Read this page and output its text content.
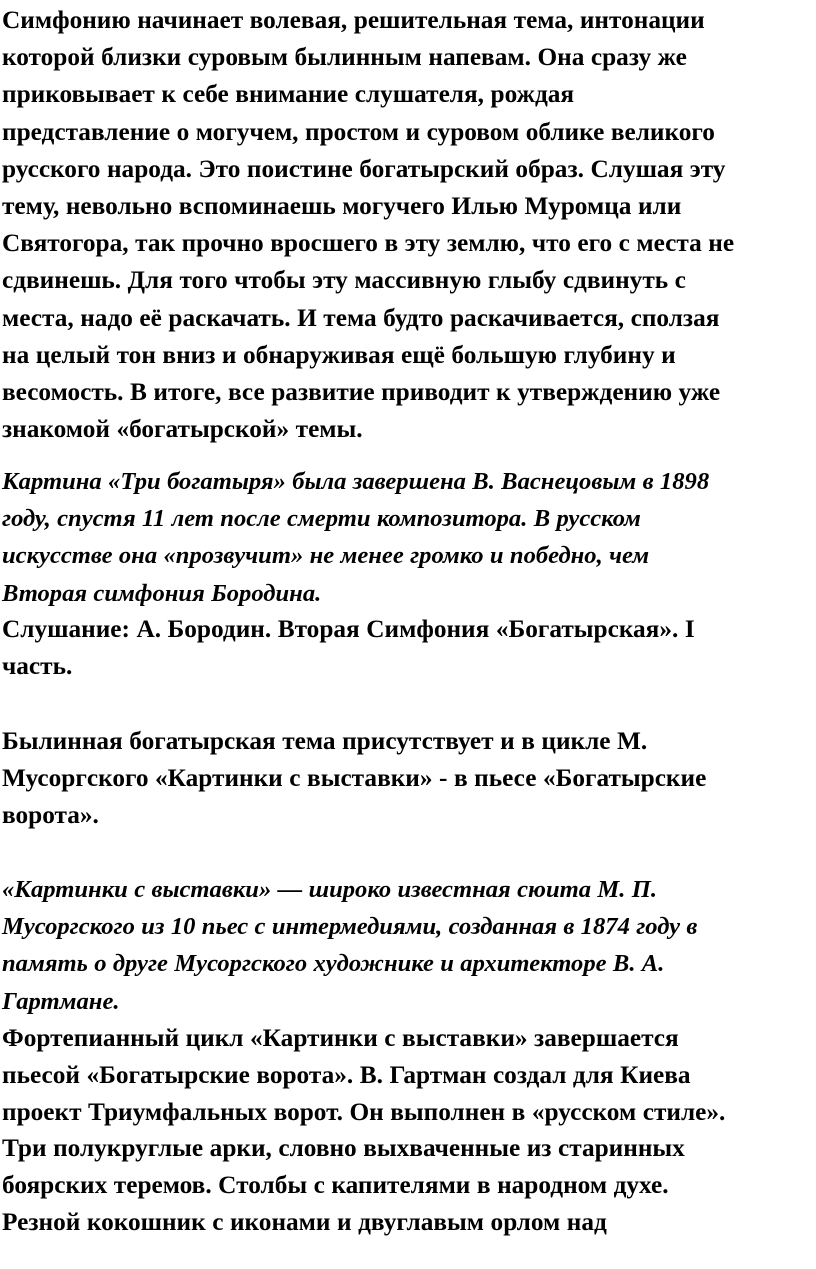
Симфонию начинает волевая, решительная тема, интонации
которой близки суровым былинным напевам. Она сразу же
приковывает к себе внимание слушателя, рождая
представление о могучем, простом и суровом облике великого
русского народа. Это поистине богатырский образ. Слушая эту
тему, невольно вспоминаешь могучего Илью Муромца или
Святогора, так прочно вросшего в эту землю, что его с места не
сдвинешь. Для того чтобы эту массивную глыбу сдвинуть с
места, надо её раскачать. И тема будто раскачивается, сползая
на целый тон вниз и обнаруживая ещё большую глубину и
весомость. В итоге, все развитие приводит к утверждению уже
знакомой «богатырской» темы.
Картина «Три богатыря» была завершена В. Васнецовым в 1898
году, спустя 11 лет после смерти композитора. В русском
искусстве она «прозвучит» не менее громко и победно, чем
Вторая симфония Бородина.
Слушание: А. Бородин. Вторая Симфония «Богатырская». I
часть.
Былинная богатырская тема присутствует и в цикле М.
Мусоргского «Картинки с выставки» - в пьесе «Богатырские
ворота».
«Картинки с выставки» — широко известная сюита М. П.
Мусоргского из 10 пьес с интермедиями, созданная в 1874 году в
память о друге Мусоргского художнике и архитекторе В. А.
Гартмане.
Фортепианный цикл «Картинки с выставки» завершается
пьесой «Богатырские ворота». В. Гартман создал для Киева
проект Триумфальных ворот. Он выполнен в «русском стиле».
Три полукруглые арки, словно выхваченные из старинных
боярских теремов. Столбы с капителями в народном духе.
Резной кокошник с иконами и двуглавым орлом над
